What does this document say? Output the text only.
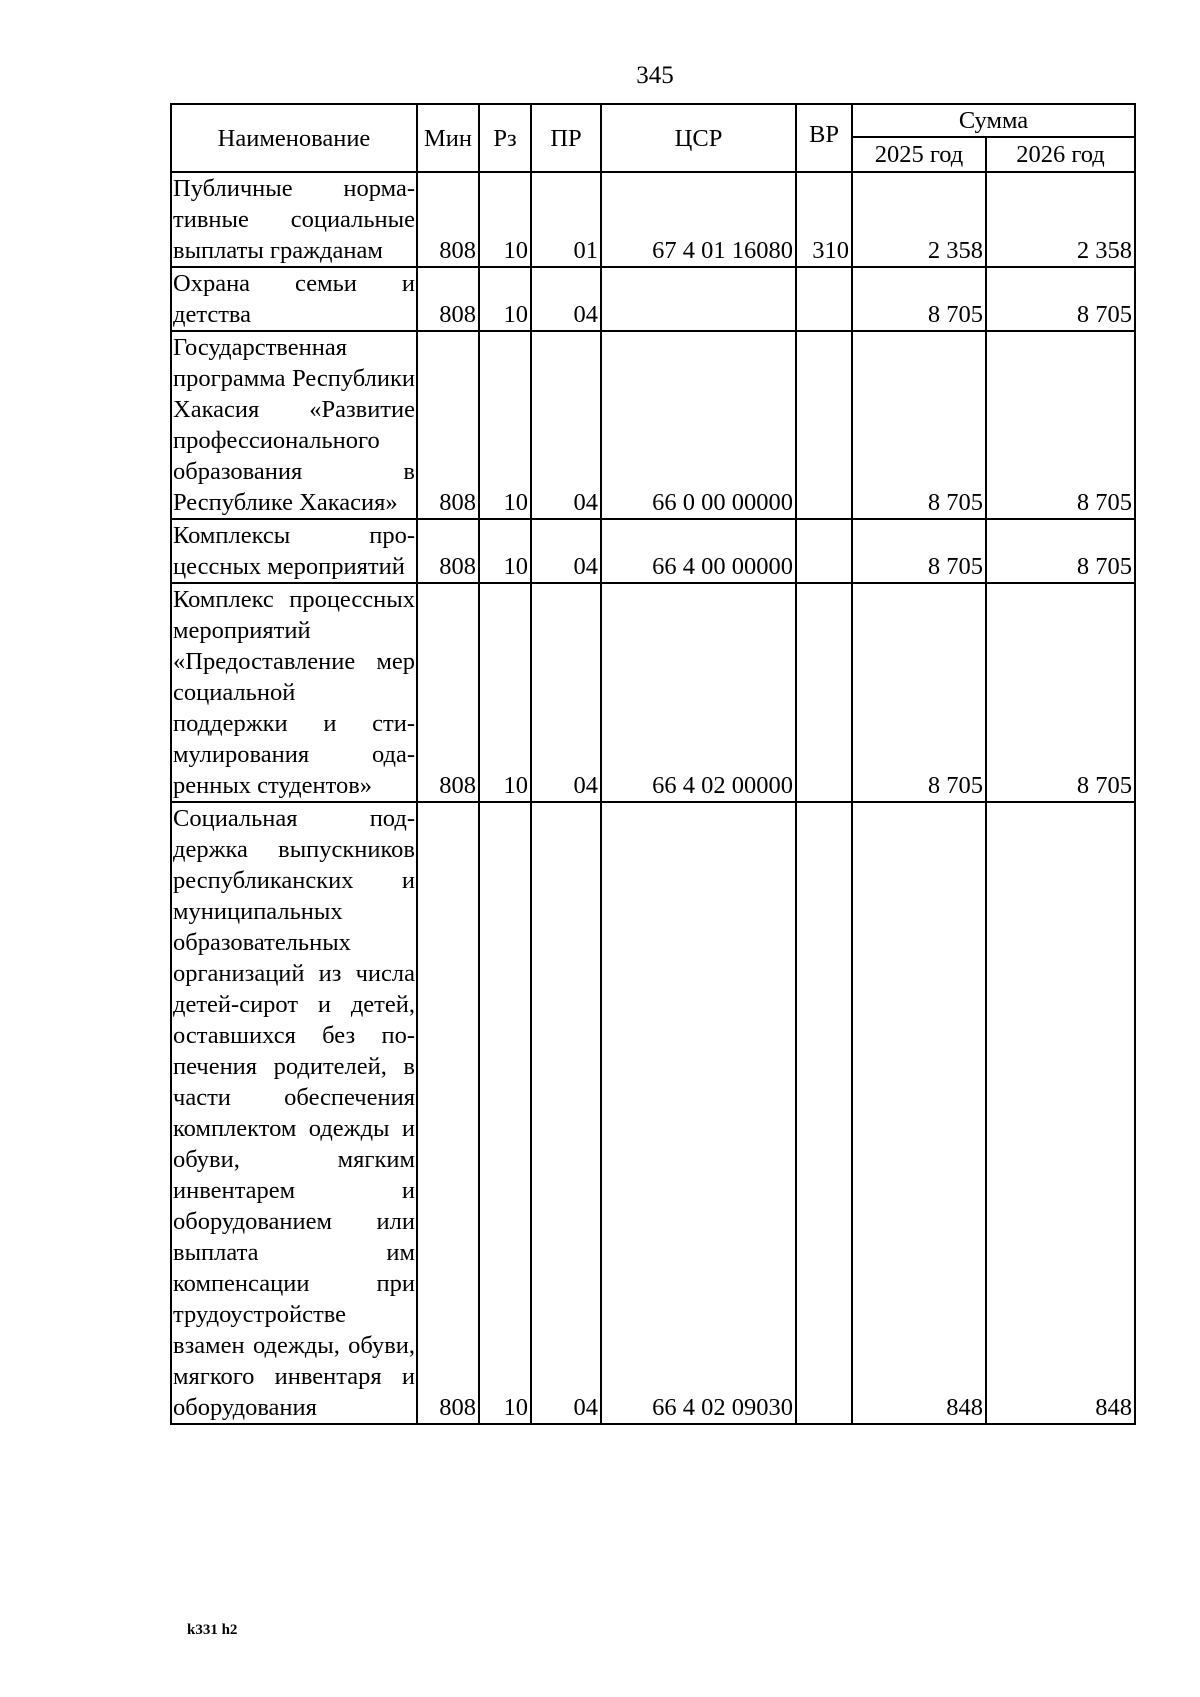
345
Наименование	Мин	Рз	ПР	ЦСР	ВР	Сумма	
						2025 год	2026 год
Публичные нормативные социальные выплаты гражданам	808	10	01	67 4 01 16080	310	2 358	2 358
Охрана семьи и детства	808	10	04			8 705	8 705
Государственная программа Республики Хакасия «Развитие профессионального образования в Республике Хакасия»	808	10	04	66 0 00 00000		8 705	8 705
Комплексы процессных мероприятий	808	10	04	66 4 00 00000		8 705	8 705
Комплекс процессных мероприятий «Предоставление мер социальной поддержки и стимулирования одаренных студентов»	808	10	04	66 4 02 00000		8 705	8 705
Социальная поддержка выпускников республиканских и муниципальных образовательных организаций из числа детей-сирот и детей, оставшихся без попечения родителей, в части обеспечения комплектом одежды и обуви, мягким инвентарем и оборудованием или выплата им компенсации при трудоустройстве взамен одежды, обуви, мягкого инвентаря и оборудования	808	10	04	66 4 02 09030		848	848
k331 h2
